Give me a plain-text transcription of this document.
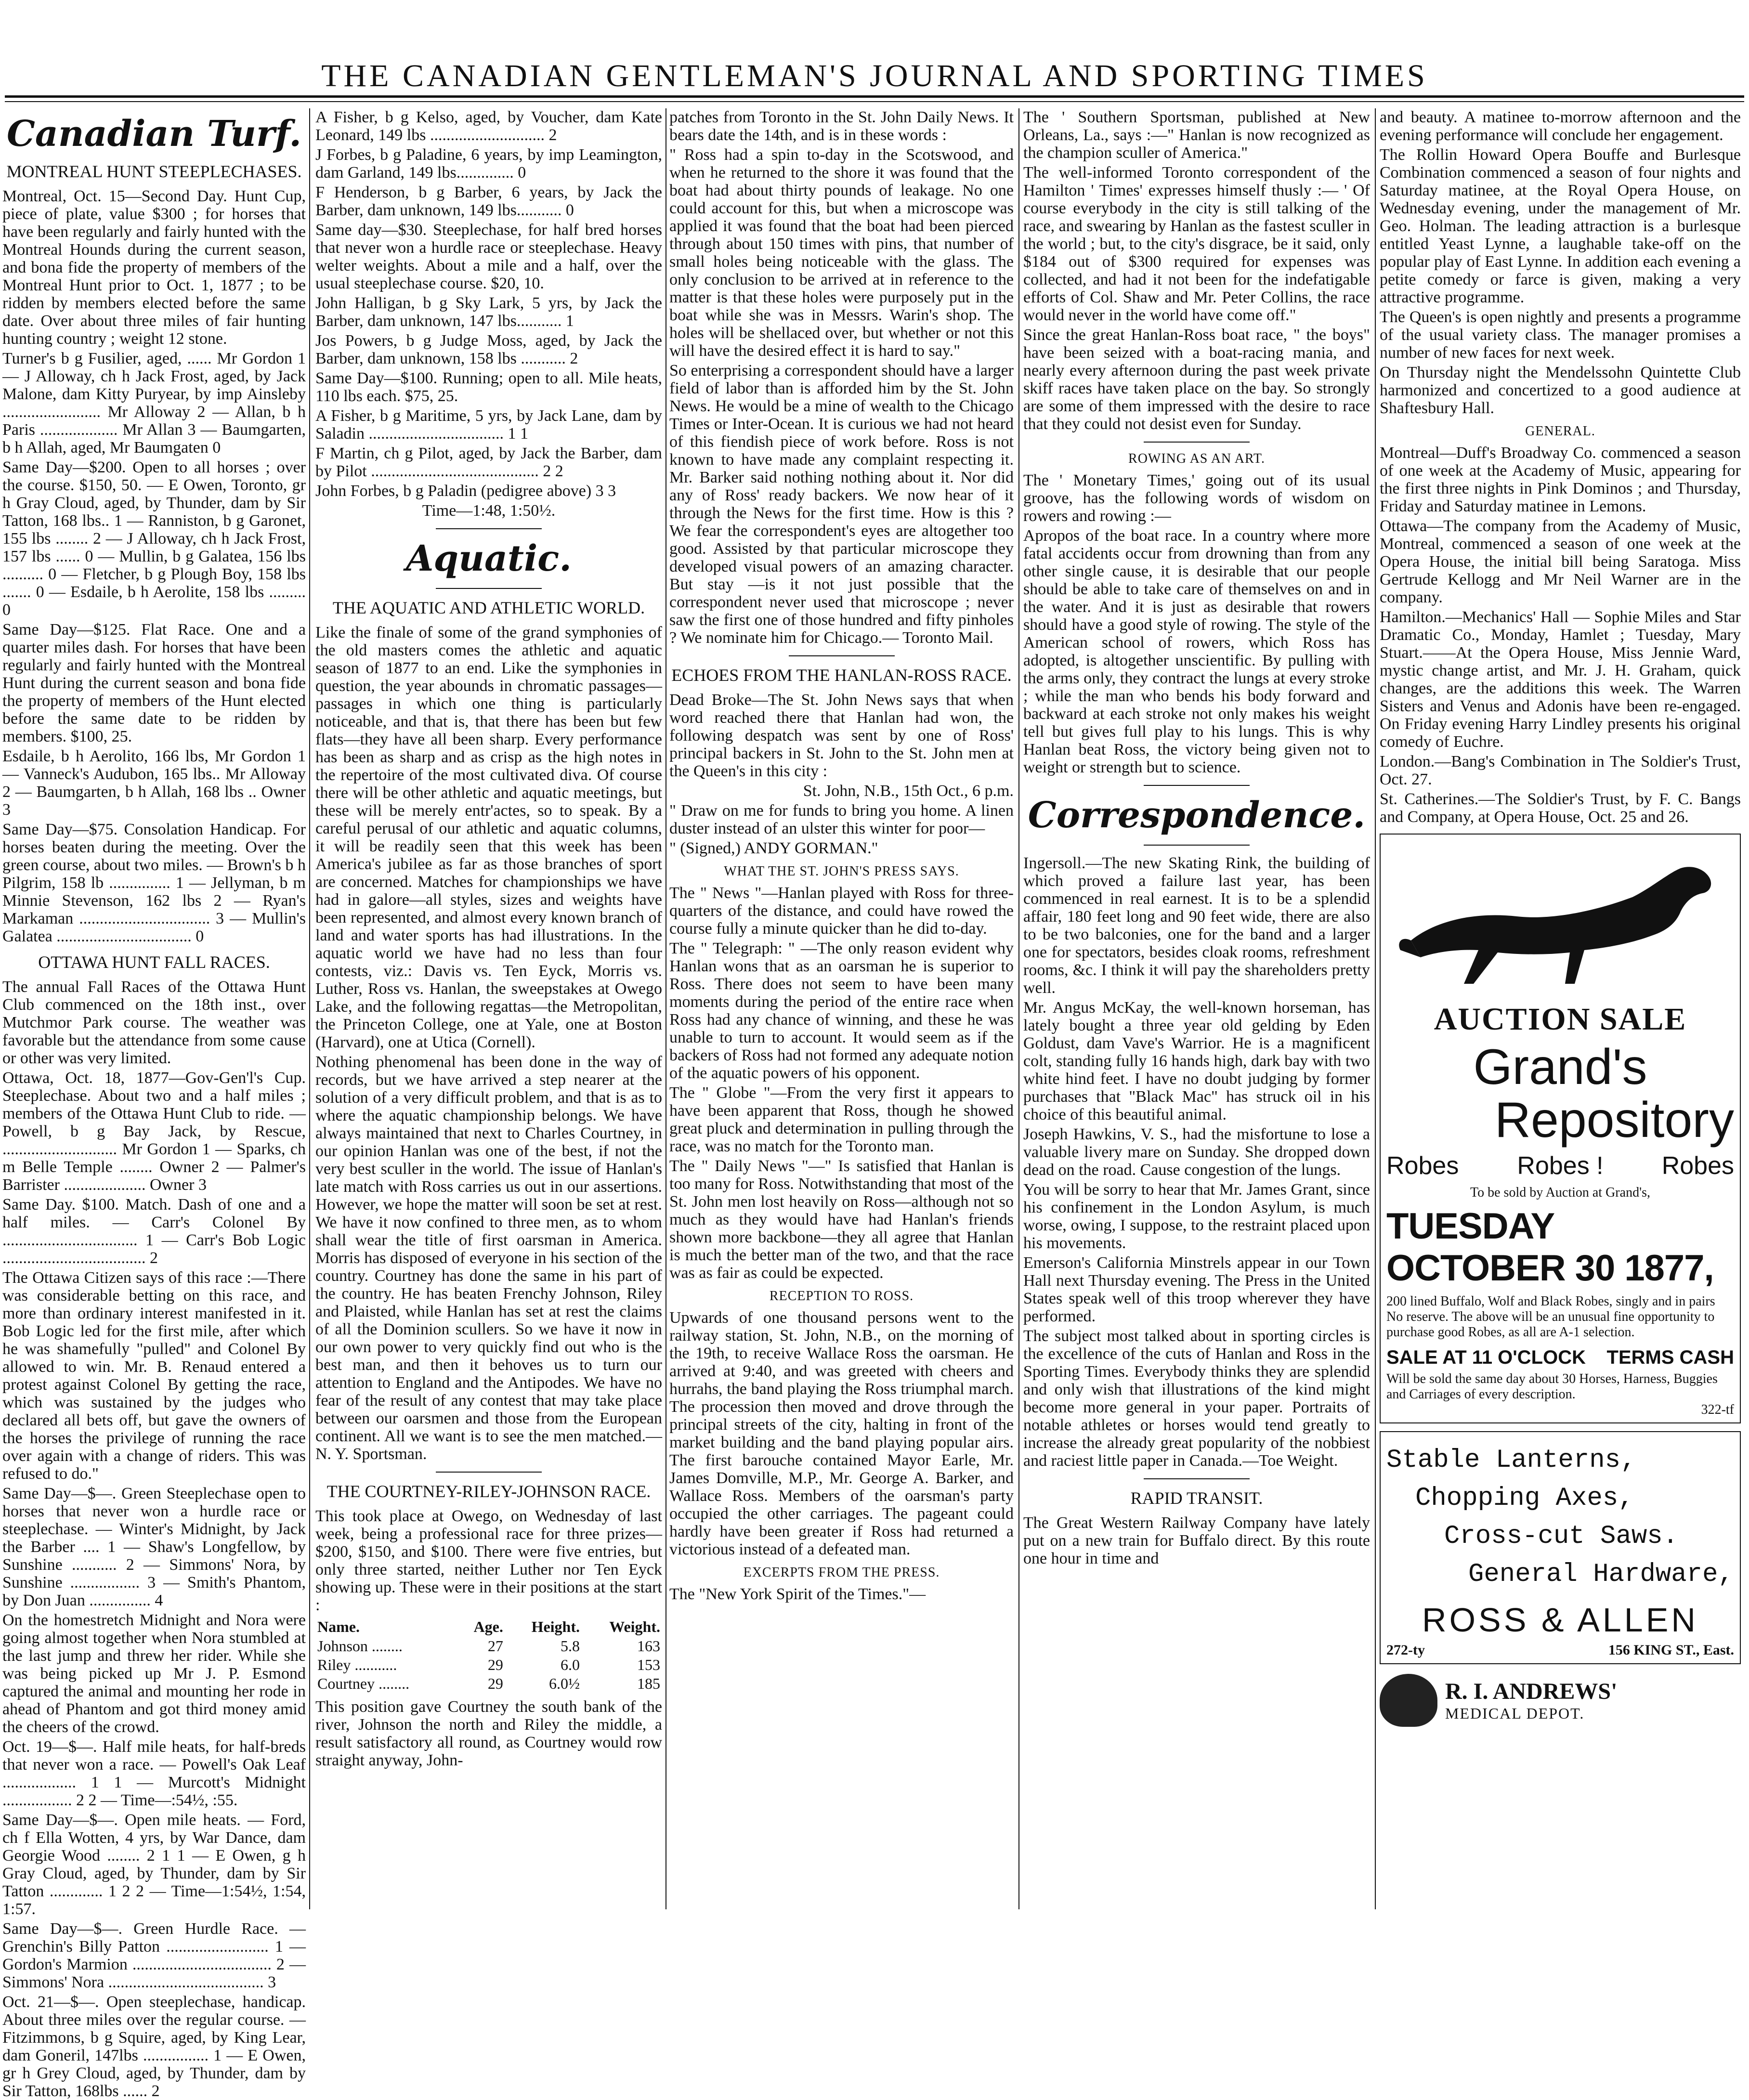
THE CANADIAN GENTLEMAN'S JOURNAL AND SPORTING TIMES
Canadian Turf.
MONTREAL HUNT STEEPLECHASES.

Montreal, Oct. 15—Second Day. Hunt Cup, piece of plate, value $300 ; for horses that have been regularly and fairly hunted with the Montreal Hounds during the current season, and bona fide the property of members of the Montreal Hunt prior to Oct. 1, 1877 ; to be ridden by members elected before the same date. Over about three miles of fair hunting hunting country ; weight 12 stone.

Turner's b g Fusilier, aged, ...... Mr Gordon 1 — J Alloway, ch h Jack Frost, aged, by Jack Malone, dam Kitty Puryear, by imp Ainsleby ........................ Mr Alloway 2 — Allan, b h Paris ................... Mr Allan 3 — Baumgarten, b h Allah, aged, Mr Baumgaten 0

Same Day—$200. Open to all horses ; over the course. $150, 50. — E Owen, Toronto, gr h Gray Cloud, aged, by Thunder, dam by Sir Tatton, 168 lbs.. 1 — Ranniston, b g Garonet, 155 lbs ........ 2 — J Alloway, ch h Jack Frost, 157 lbs ...... 0 — Mullin, b g Galatea, 156 lbs .......... 0 — Fletcher, b g Plough Boy, 158 lbs ....... 0 — Esdaile, b h Aerolite, 158 lbs ......... 0

Same Day—$125. Flat Race. One and a quarter miles dash. For horses that have been regularly and fairly hunted with the Montreal Hunt during the current season and bona fide the property of members of the Hunt elected before the same date to be ridden by members. $100, 25.

Esdaile, b h Aerolito, 166 lbs, Mr Gordon 1 — Vanneck's Audubon, 165 lbs.. Mr Alloway 2 — Baumgarten, b h Allah, 168 lbs .. Owner 3

Same Day—$75. Consolation Handicap. For horses beaten during the meeting. Over the green course, about two miles. — Brown's b h Pilgrim, 158 lb ............... 1 — Jellyman, b m Minnie Stevenson, 162 lbs 2 — Ryan's Markaman ................................ 3 — Mullin's Galatea ................................. 0

OTTAWA HUNT FALL RACES.

The annual Fall Races of the Ottawa Hunt Club commenced on the 18th inst., over Mutchmor Park course. The weather was favorable but the attendance from some cause or other was very limited.

Ottawa, Oct. 18, 1877—Gov-Gen'l's Cup. Steeplechase. About two and a half miles ; members of the Ottawa Hunt Club to ride. — Powell, b g Bay Jack, by Rescue, ............................ Mr Gordon 1 — Sparks, ch m Belle Temple ........ Owner 2 — Palmer's Barrister .................... Owner 3

Same Day. $100. Match. Dash of one and a half miles. — Carr's Colonel By ................................. 1 — Carr's Bob Logic ................................... 2

The Ottawa Citizen says of this race :—There was considerable betting on this race, and more than ordinary interest manifested in it. Bob Logic led for the first mile, after which he was shamefully "pulled" and Colonel By allowed to win. Mr. B. Renaud entered a protest against Colonel By getting the race, which was sustained by the judges who declared all bets off, but gave the owners of the horses the privilege of running the race over again with a change of riders. This was refused to do."

Same Day—$—. Green Steeplechase open to horses that never won a hurdle race or steeplechase. — Winter's Midnight, by Jack the Barber .... 1 — Shaw's Longfellow, by Sunshine ........... 2 — Simmons' Nora, by Sunshine ................. 3 — Smith's Phantom, by Don Juan ............... 4

On the homestretch Midnight and Nora were going almost together when Nora stumbled at the last jump and threw her rider. While she was being picked up Mr J. P. Esmond captured the animal and mounting her rode in ahead of Phantom and got third money amid the cheers of the crowd.

Oct. 19—$—. Half mile heats, for half-breds that never won a race. — Powell's Oak Leaf .................. 1 1 — Murcott's Midnight ................. 2 2 — Time—:54½, :55.

Same Day—$—. Open mile heats. — Ford, ch f Ella Wotten, 4 yrs, by War Dance, dam Georgie Wood ........ 2 1 1 — E Owen, g h Gray Cloud, aged, by Thunder, dam by Sir Tatton ............. 1 2 2 — Time—1:54½, 1:54, 1:57.

Same Day—$—. Green Hurdle Race. — Grenchin's Billy Patton ......................... 1 — Gordon's Marmion .................................. 2 — Simmons' Nora ...................................... 3

Oct. 21—$—. Open steeplechase, handicap. About three miles over the regular course. — Fitzimmons, b g Squire, aged, by King Lear, dam Goneril, 147lbs ................ 1 — E Owen, gr h Grey Cloud, aged, by Thunder, dam by Sir Tatton, 168lbs ...... 2

A Fisher, b g Kelso, aged, by Voucher, dam Kate Leonard, 149 lbs ............................ 2

J Forbes, b g Paladine, 6 years, by imp Leamington, dam Garland, 149 lbs.............. 0

F Henderson, b g Barber, 6 years, by Jack the Barber, dam unknown, 149 lbs........... 0

Same day—$30. Steeplechase, for half bred horses that never won a hurdle race or steeplechase. Heavy welter weights. About a mile and a half, over the usual steeplechase course. $20, 10.

John Halligan, b g Sky Lark, 5 yrs, by Jack the Barber, dam unknown, 147 lbs........... 1

Jos Powers, b g Judge Moss, aged, by Jack the Barber, dam unknown, 158 lbs ........... 2

Same Day—$100. Running; open to all. Mile heats, 110 lbs each. $75, 25.

A Fisher, b g Maritime, 5 yrs, by Jack Lane, dam by Saladin ................................. 1 1

F Martin, ch g Pilot, aged, by Jack the Barber, dam by Pilot ......................................... 2 2

John Forbes, b g Paladin (pedigree above) 3 3

Time—1:48, 1:50½.

Aquatic.
THE AQUATIC AND ATHLETIC WORLD.

Like the finale of some of the grand symphonies of the old masters comes the athletic and aquatic season of 1877 to an end. Like the symphonies in question, the year abounds in chromatic passages—passages in which one thing is particularly noticeable, and that is, that there has been but few flats—they have all been sharp. Every performance has been as sharp and as crisp as the high notes in the repertoire of the most cultivated diva. Of course there will be other athletic and aquatic meetings, but these will be merely entr'actes, so to speak. By a careful perusal of our athletic and aquatic columns, it will be readily seen that this week has been America's jubilee as far as those branches of sport are concerned. Matches for championships we have had in galore—all styles, sizes and weights have been represented, and almost every known branch of land and water sports has had illustrations. In the aquatic world we have had no less than four contests, viz.: Davis vs. Ten Eyck, Morris vs. Luther, Ross vs. Hanlan, the sweepstakes at Owego Lake, and the following regattas—the Metropolitan, the Princeton College, one at Yale, one at Boston (Harvard), one at Utica (Cornell).

Nothing phenomenal has been done in the way of records, but we have arrived a step nearer at the solution of a very difficult problem, and that is as to where the aquatic championship belongs. We have always maintained that next to Charles Courtney, in our opinion Hanlan was one of the best, if not the very best sculler in the world. The issue of Hanlan's late match with Ross carries us out in our assertions. However, we hope the matter will soon be set at rest. We have it now confined to three men, as to whom shall wear the title of first oarsman in America. Morris has disposed of everyone in his section of the country. Courtney has done the same in his part of the country. He has beaten Frenchy Johnson, Riley and Plaisted, while Hanlan has set at rest the claims of all the Dominion scullers. So we have it now in our own power to very quickly find out who is the best man, and then it behoves us to turn our attention to England and the Antipodes. We have no fear of the result of any contest that may take place between our oarsmen and those from the European continent. All we want is to see the men matched.—N. Y. Sportsman.

THE COURTNEY-RILEY-JOHNSON RACE.

This took place at Owego, on Wednesday of last week, being a professional race for three prizes—$200, $150, and $100. There were five entries, but only three started, neither Luther nor Ten Eyck showing up. These were in their positions at the start :

Name.	Age.	Height.	Weight.
Johnson ........	27	5.8	163
Riley ...........	29	6.0	153
Courtney ........	29	6.0½	185

This position gave Courtney the south bank of the river, Johnson the north and Riley the middle, a result satisfactory all round, as Courtney would row straight anyway, John-

patches from Toronto in the St. John Daily News. It bears date the 14th, and is in these words :

" Ross had a spin to-day in the Scotswood, and when he returned to the shore it was found that the boat had about thirty pounds of leakage. No one could account for this, but when a microscope was applied it was found that the boat had been pierced through about 150 times with pins, that number of small holes being noticeable with the glass. The only conclusion to be arrived at in reference to the matter is that these holes were purposely put in the boat while she was in Messrs. Warin's shop. The holes will be shellaced over, but whether or not this will have the desired effect it is hard to say."

So enterprising a correspondent should have a larger field of labor than is afforded him by the St. John News. He would be a mine of wealth to the Chicago Times or Inter-Ocean. It is curious we had not heard of this fiendish piece of work before. Ross is not known to have made any complaint respecting it. Mr. Barker said nothing nothing about it. Nor did any of Ross' ready backers. We now hear of it through the News for the first time. How is this ? We fear the correspondent's eyes are altogether too good. Assisted by that particular microscope they developed visual powers of an amazing character. But stay —is it not just possible that the correspondent never used that microscope ; never saw the first one of those hundred and fifty pinholes ? We nominate him for Chicago.— Toronto Mail.

ECHOES FROM THE HANLAN-ROSS RACE.

Dead Broke—The St. John News says that when word reached there that Hanlan had won, the following despatch was sent by one of Ross' principal backers in St. John to the St. John men at the Queen's in this city :

St. John, N.B., 15th Oct., 6 p.m.

" Draw on me for funds to bring you home. A linen duster instead of an ulster this winter for poor—

" (Signed,) ANDY GORMAN."

WHAT THE ST. JOHN'S PRESS SAYS.

The " News "—Hanlan played with Ross for three-quarters of the distance, and could have rowed the course fully a minute quicker than he did to-day.

The " Telegraph: " —The only reason evident why Hanlan wons that as an oarsman he is superior to Ross. There does not seem to have been many moments during the period of the entire race when Ross had any chance of winning, and these he was unable to turn to account. It would seem as if the backers of Ross had not formed any adequate notion of the aquatic powers of his opponent.

The " Globe "—From the very first it appears to have been apparent that Ross, though he showed great pluck and determination in pulling through the race, was no match for the Toronto man.

The " Daily News "—" Is satisfied that Hanlan is too many for Ross. Notwithstanding that most of the St. John men lost heavily on Ross—although not so much as they would have had Hanlan's friends shown more backbone—they all agree that Hanlan is much the better man of the two, and that the race was as fair as could be expected.

RECEPTION TO ROSS.

Upwards of one thousand persons went to the railway station, St. John, N.B., on the morning of the 19th, to receive Wallace Ross the oarsman. He arrived at 9:40, and was greeted with cheers and hurrahs, the band playing the Ross triumphal march. The procession then moved and drove through the principal streets of the city, halting in front of the market building and the band playing popular airs. The first barouche contained Mayor Earle, Mr. James Domville, M.P., Mr. George A. Barker, and Wallace Ross. Members of the oarsman's party occupied the other carriages. The pageant could hardly have been greater if Ross had returned a victorious instead of a defeated man.

EXCERPTS FROM THE PRESS.

The "New York Spirit of the Times."—

The ' Southern Sportsman, published at New Orleans, La., says :—" Hanlan is now recognized as the champion sculler of America."

The well-informed Toronto correspondent of the Hamilton ' Times' expresses himself thusly :— ' Of course everybody in the city is still talking of the race, and swearing by Hanlan as the fastest sculler in the world ; but, to the city's disgrace, be it said, only $184 out of $300 required for expenses was collected, and had it not been for the indefatigable efforts of Col. Shaw and Mr. Peter Collins, the race would never in the world have come off."

Since the great Hanlan-Ross boat race, " the boys" have been seized with a boat-racing mania, and nearly every afternoon during the past week private skiff races have taken place on the bay. So strongly are some of them impressed with the desire to race that they could not desist even for Sunday.

ROWING AS AN ART.

The ' Monetary Times,' going out of its usual groove, has the following words of wisdom on rowers and rowing :—

Apropos of the boat race. In a country where more fatal accidents occur from drowning than from any other single cause, it is desirable that our people should be able to take care of themselves on and in the water. And it is just as desirable that rowers should have a good style of rowing. The style of the American school of rowers, which Ross has adopted, is altogether unscientific. By pulling with the arms only, they contract the lungs at every stroke ; while the man who bends his body forward and backward at each stroke not only makes his weight tell but gives full play to his lungs. This is why Hanlan beat Ross, the victory being given not to weight or strength but to science.

Correspondence.

Ingersoll.—The new Skating Rink, the building of which proved a failure last year, has been commenced in real earnest. It is to be a splendid affair, 180 feet long and 90 feet wide, there are also to be two balconies, one for the band and a larger one for spectators, besides cloak rooms, refreshment rooms, &c. I think it will pay the shareholders pretty well.

Mr. Angus McKay, the well-known horseman, has lately bought a three year old gelding by Eden Goldust, dam Vave's Warrior. He is a magnificent colt, standing fully 16 hands high, dark bay with two white hind feet. I have no doubt judging by former purchases that "Black Mac" has struck oil in his choice of this beautiful animal.

Joseph Hawkins, V. S., had the misfortune to lose a valuable livery mare on Sunday. She dropped down dead on the road. Cause congestion of the lungs.

You will be sorry to hear that Mr. James Grant, since his confinement in the London Asylum, is much worse, owing, I suppose, to the restraint placed upon his movements.

Emerson's California Minstrels appear in our Town Hall next Thursday evening. The Press in the United States speak well of this troop wherever they have performed.

The subject most talked about in sporting circles is the excellence of the cuts of Hanlan and Ross in the Sporting Times. Everybody thinks they are splendid and only wish that illustrations of the kind might become more general in your paper. Portraits of notable athletes or horses would tend greatly to increase the already great popularity of the nobbiest and raciest little paper in Canada.—Toe Weight.

RAPID TRANSIT.

The Great Western Railway Company have lately put on a new train for Buffalo direct. By this route one hour in time and

and beauty. A matinee to-morrow afternoon and the evening performance will conclude her engagement.

The Rollin Howard Opera Bouffe and Burlesque Combination commenced a season of four nights and Saturday matinee, at the Royal Opera House, on Wednesday evening, under the management of Mr. Geo. Holman. The leading attraction is a burlesque entitled Yeast Lynne, a laughable take-off on the popular play of East Lynne. In addition each evening a petite comedy or farce is given, making a very attractive programme.

The Queen's is open nightly and presents a programme of the usual variety class. The manager promises a number of new faces for next week.

On Thursday night the Mendelssohn Quintette Club harmonized and concertized to a good audience at Shaftesbury Hall.

GENERAL.

Montreal—Duff's Broadway Co. commenced a season of one week at the Academy of Music, appearing for the first three nights in Pink Dominos ; and Thursday, Friday and Saturday matinee in Lemons.

Ottawa—The company from the Academy of Music, Montreal, commenced a season of one week at the Opera House, the initial bill being Saratoga. Miss Gertrude Kellogg and Mr Neil Warner are in the company.

Hamilton.—Mechanics' Hall — Sophie Miles and Star Dramatic Co., Monday, Hamlet ; Tuesday, Mary Stuart.——At the Opera House, Miss Jennie Ward, mystic change artist, and Mr. J. H. Graham, quick changes, are the additions this week. The Warren Sisters and Venus and Adonis have been re-engaged. On Friday evening Harry Lindley presents his original comedy of Euchre.

London.—Bang's Combination in The Soldier's Trust, Oct. 27.

St. Catherines.—The Soldier's Trust, by F. C. Bangs and Company, at Opera House, Oct. 25 and 26.

AUCTION SALE
Grand's
Repository
Robes Robes ! Robes
To be sold by Auction at Grand's,
TUESDAY OCTOBER 30 1877,
200 lined Buffalo, Wolf and Black Robes, singly and in pairs No reserve. The above will be an unusual fine opportunity to purchase good Robes, as all are A-1 selection.
SALE AT 11 O'CLOCK TERMS CASH
Will be sold the same day about 30 Horses, Harness, Buggies and Carriages of every description.
322-tf
Stable Lanterns,
Chopping Axes,
Cross-cut Saws.
General Hardware,
ROSS & ALLEN
272-ty	156 KING ST., East.
R. I. ANDREWS'
MEDICAL DEPOT.
